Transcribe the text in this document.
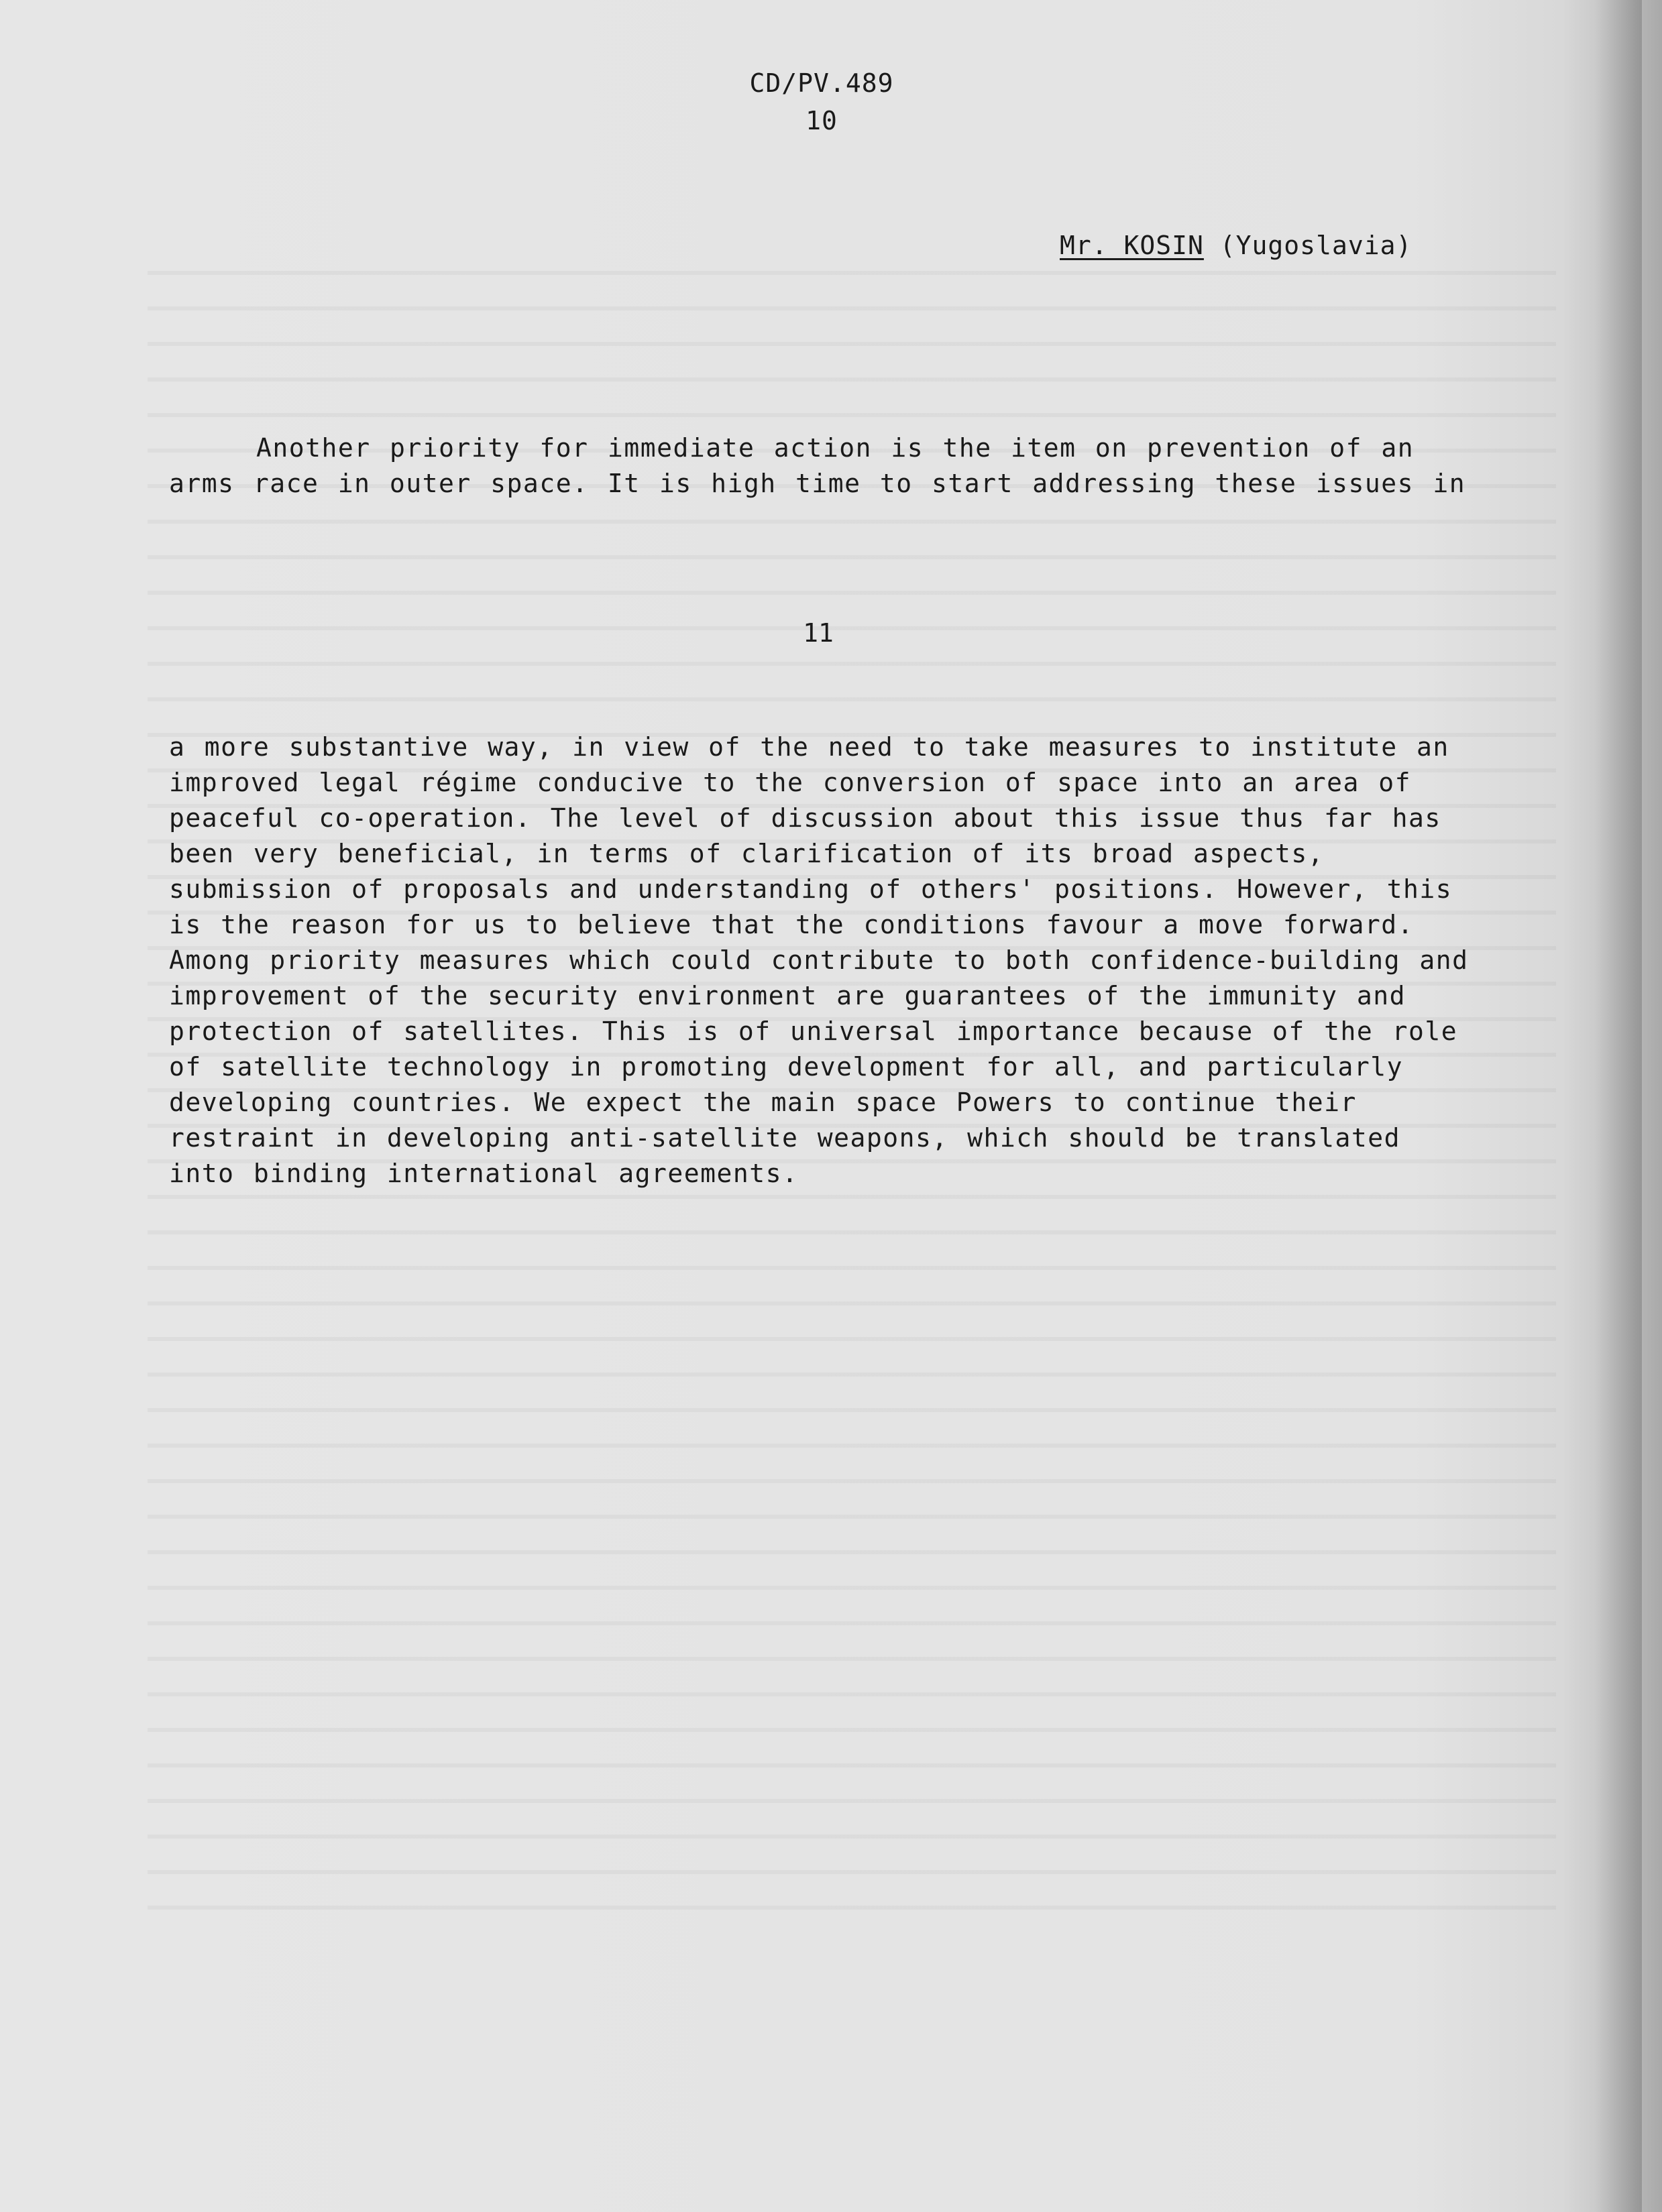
CD/PV.489
10
Mr. KOSIN (Yugoslavia)

Another priority for immediate action is the item on prevention of an
arms race in outer space. It is high time to start addressing these issues in

11

a more substantive way, in view of the need to take measures to institute an
improved legal régime conducive to the conversion of space into an area of
peaceful co-operation. The level of discussion about this issue thus far has
been very beneficial, in terms of clarification of its broad aspects,
submission of proposals and understanding of others' positions. However, this
is the reason for us to believe that the conditions favour a move forward.
Among priority measures which could contribute to both confidence-building and
improvement of the security environment are guarantees of the immunity and
protection of satellites. This is of universal importance because of the role
of satellite technology in promoting development for all, and particularly
developing countries. We expect the main space Powers to continue their
restraint in developing anti-satellite weapons, which should be translated
into binding international agreements.
